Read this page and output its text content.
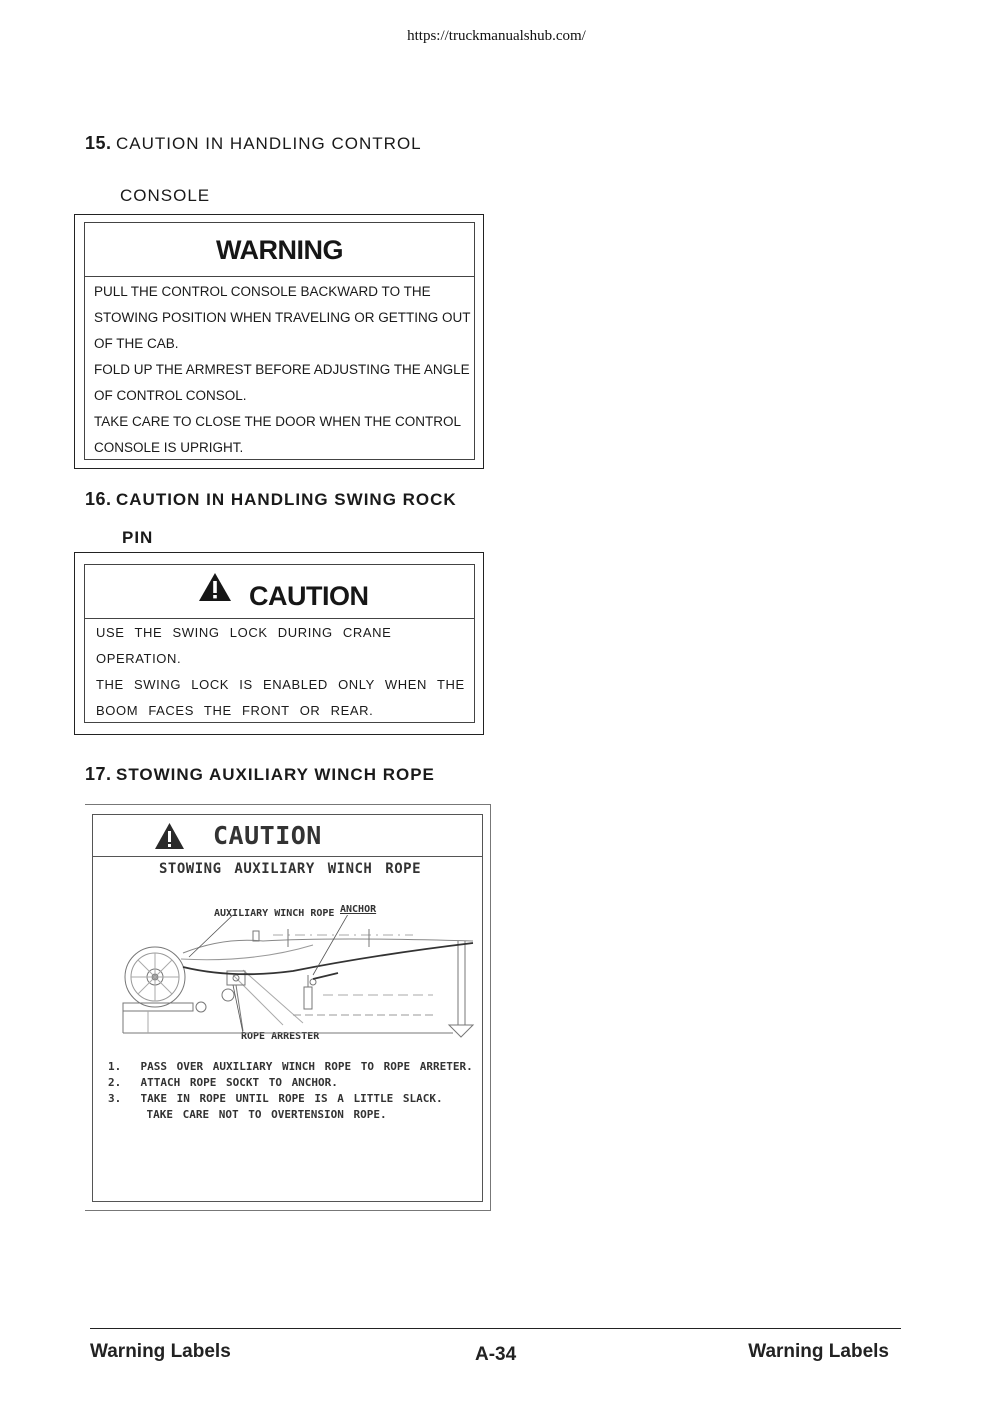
https://truckmanualshub.com/
15. CAUTION IN HANDLING CONTROL
CONSOLE
WARNING
PULL THE CONTROL CONSOLE BACKWARD TO THE
STOWING POSITION WHEN TRAVELING OR GETTING OUT
OF THE CAB.
FOLD UP THE ARMREST BEFORE ADJUSTING THE ANGLE
OF CONTROL CONSOL.
TAKE CARE TO CLOSE THE DOOR WHEN THE CONTROL
CONSOLE IS UPRIGHT.
16. CAUTION IN HANDLING SWING ROCK
PIN
CAUTION
USE THE SWING LOCK DURING CRANE
OPERATION.
THE SWING LOCK IS ENABLED ONLY WHEN THE
BOOM FACES THE FRONT OR REAR.
17. STOWING AUXILIARY WINCH ROPE
CAUTION
STOWING AUXILIARY WINCH ROPE
AUXILIARY WINCH ROPE ANCHOR
ROPE ARRESTER
1.  PASS OVER AUXILIARY WINCH ROPE TO ROPE ARRETER.
2.  ATTACH ROPE SOCKT TO ANCHOR.
3.  TAKE IN ROPE UNTIL ROPE IS A LITTLE SLACK.
TAKE CARE NOT TO OVERTENSION ROPE.
Warning Labels	A-34	Warning Labels
